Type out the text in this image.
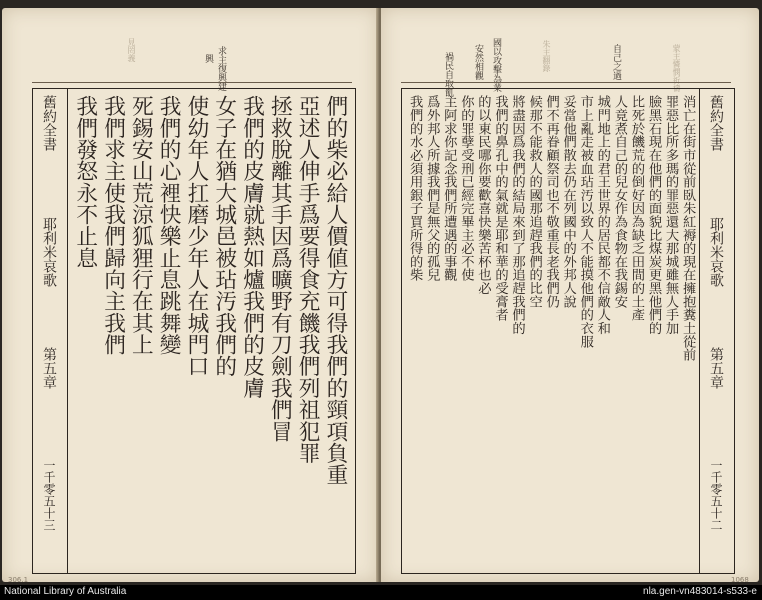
求主復興建
興
見罔義
舊約全書
耶利米哀歌
第五章
一千零五十三
們的柴必給人價値方可得我們的頸項負重
亞述人伸手爲要得食充饑我們列祖犯罪
拯救脫離其手因爲曠野有刀劍我們冒
我們的皮膚就熱如爐我們的皮膚
女子在猶大城邑被玷汚我們的
使幼年人扛磨少年人在城門口
我們的心裡快樂止息跳舞變
死錫安山荒涼狐狸行在其上
我們求主使我們歸向主我們
我們發怒永不止息
306.1
自己之過
國以攻擊為業
安然相觀
禍民自取飢	朱主翻錄	蒙主憐憫祈禱
舊約全書
耶利米哀歌
第五章
一千零五十二
消亡在街市從前臥朱紅褥的現在擁抱糞土從前
罪惡比所多瑪的罪惡還大那城雖無人手加
臉黑石現在他們的面貌比煤炭更黑他們的
比死於饑荒的倒好因為缺乏田間的土產
人竟煮自己的兒女作為食物在我錫安
城門地上的君王世界的居民都不信敵人和
市上亂走被血玷汚以致人不能摸他們的衣服
妥當他們散去仍在列國中的外邦人說
們不再眷顧祭司也不敬重長老我們仍
候那不能救人的國那追趕我們的比空
將盡因爲我們的結局來到了那追趕我們的
我們的鼻孔中的氣就是耶和華的受膏者
的以東民哪你要歡喜快樂苦杯也必
你的罪孽受刑已經完畢主必不使
主阿求你記念我們所遭遇的事觀
爲外邦人所據我們是無父的孤兒
我們的水必須用銀子買所得的柴
1068
National Library of Australia	nla.gen-vn483014-s533-e
